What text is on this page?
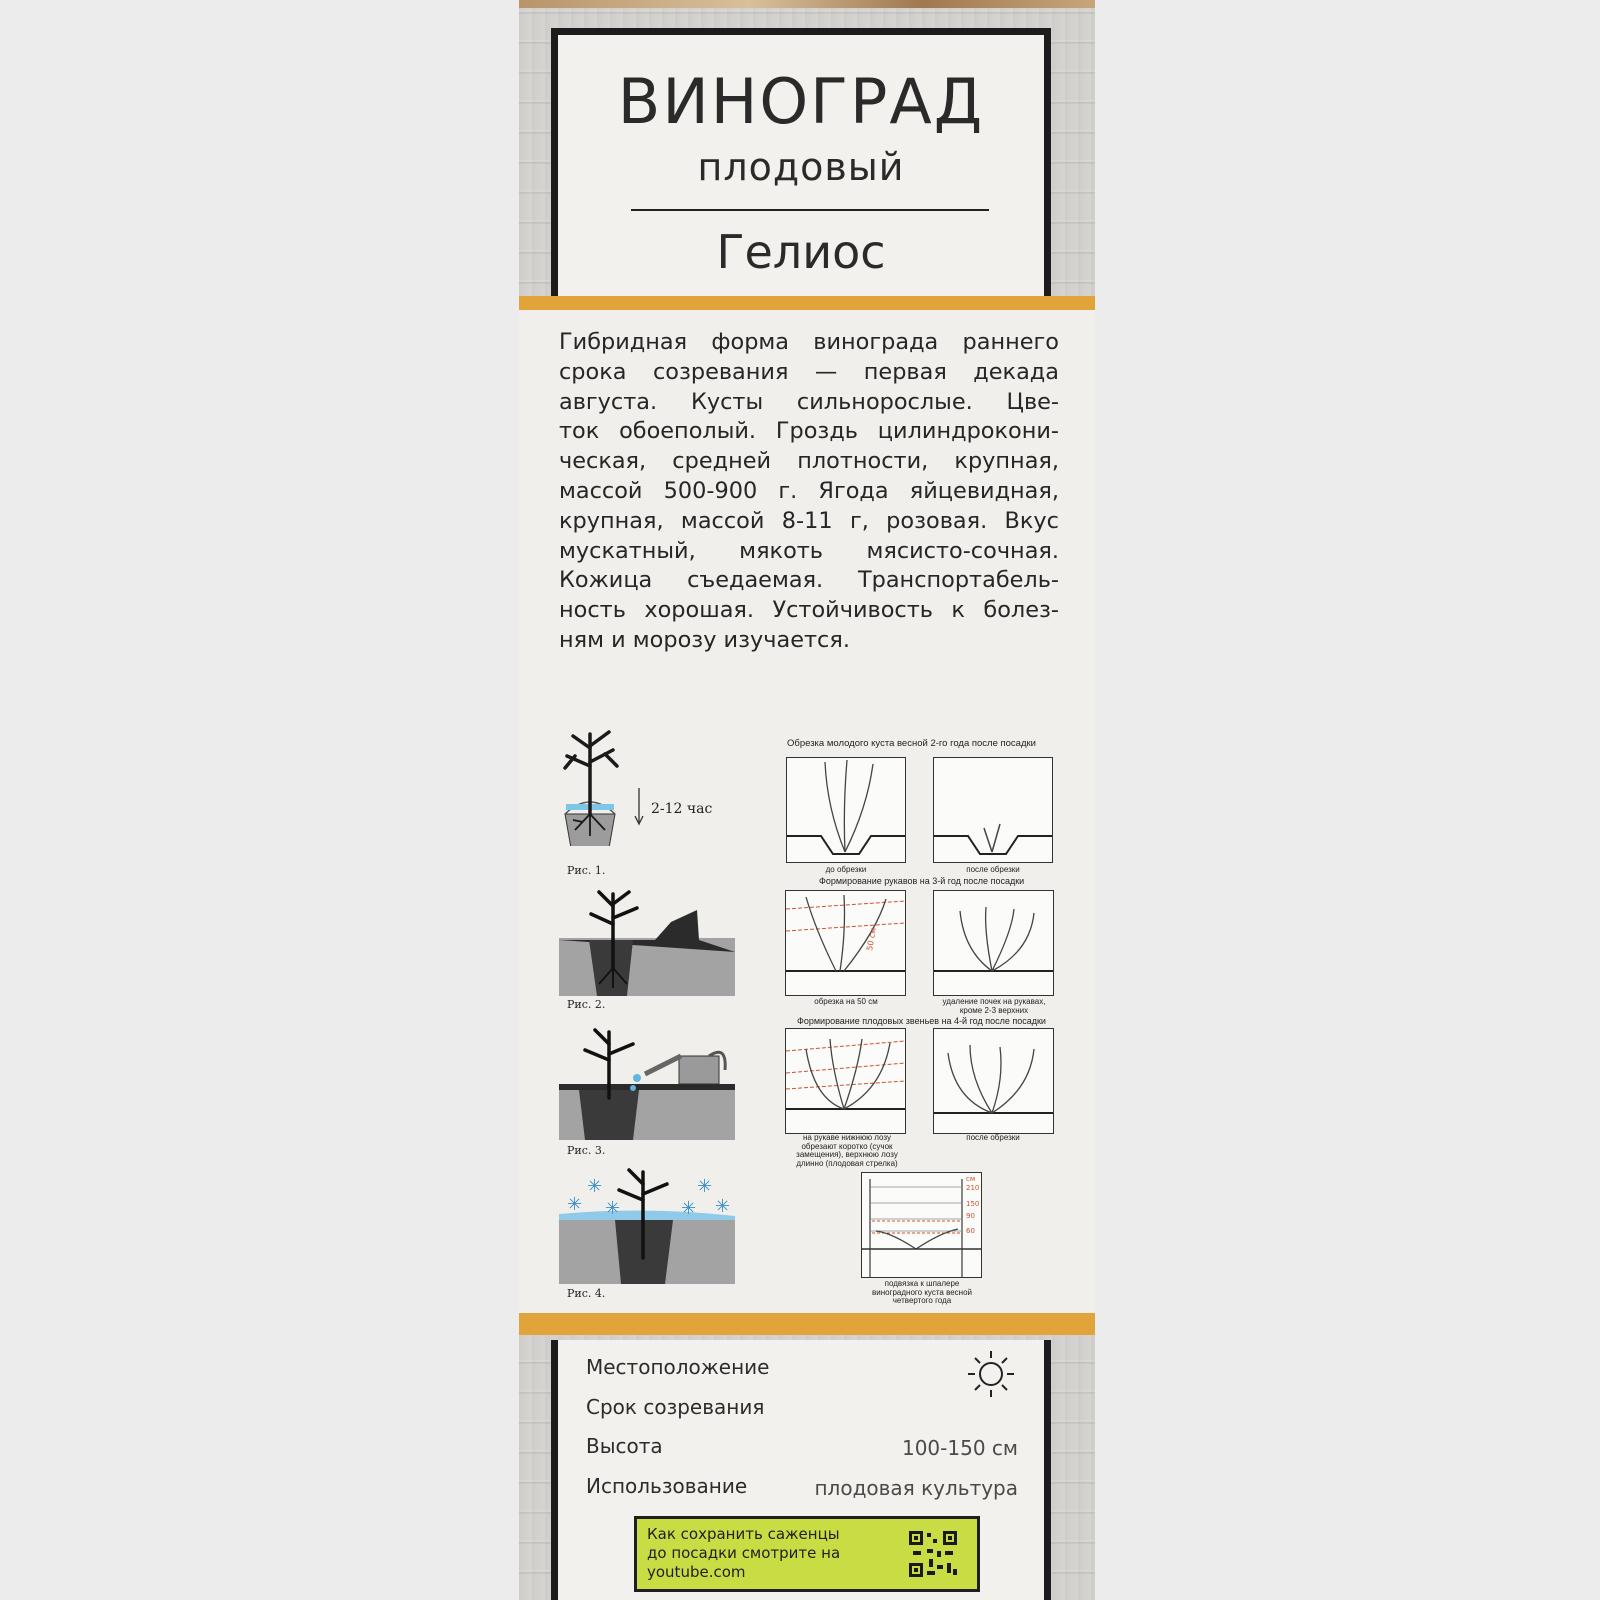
ВИНОГРАД
плодовый
Гелиос
Гибридная форма винограда раннего
срока созревания — первая декада
августа. Кусты сильнорослые. Цве-
ток обоеполый. Гроздь цилиндрокони-
ческая, средней плотности, крупная,
массой 500-900 г. Ягода яйцевидная,
крупная, массой 8-11 г, розовая. Вкус
мускатный, мякоть мясисто-сочная.
Кожица съедаемая. Транспортабель-
ность хорошая. Устойчивость к болез-
ням и морозу изучается.
2-12 час
Рис. 1.
Рис. 2.
Рис. 3.
✳
✳
✳	✳
✳
✳
Рис. 4.
Обрезка молодого куста весной 2-го года после посадки
до обрезки	после обрезки
Формирование рукавов на 3-й год после посадки
50 см
обрезка на 50 см	удаление почек на рукавах, кроме 2-3 верхних
Формирование плодовых звеньев на 4-й год после посадки
на рукаве нижнюю лозу обрезают коротко (сучок замещения), верхнюю лозу длинно (плодовая стрелка)
после обрезки
см
210
150
90
60
подвязка к шпалере виноградного куста весной четвертого года
Местоположение
Срок созревания
Высота	100-150 см
Использование	плодовая культура
Как сохранить саженцы
до посадки смотрите на
youtube.com
